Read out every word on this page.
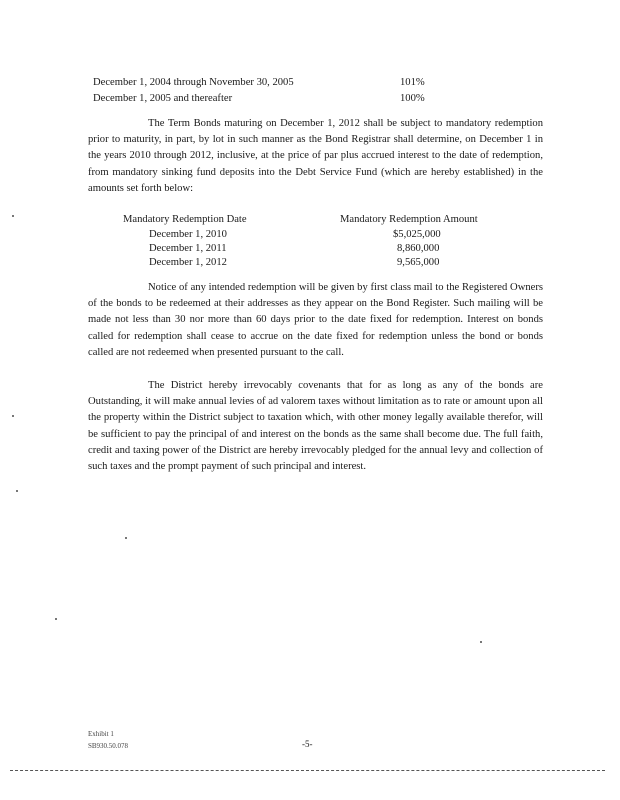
December 1, 2004 through November 30, 2005	101%
December 1, 2005 and thereafter	100%
The Term Bonds maturing on December 1, 2012 shall be subject to mandatory redemption prior to maturity, in part, by lot in such manner as the Bond Registrar shall determine, on December 1 in the years 2010 through 2012, inclusive, at the price of par plus accrued interest to the date of redemption, from mandatory sinking fund deposits into the Debt Service Fund (which are hereby established) in the amounts set forth below:
Mandatory Redemption Date	Mandatory Redemption Amount
December 1, 2010	$5,025,000
December 1, 2011	8,860,000
December 1, 2012	9,565,000
Notice of any intended redemption will be given by first class mail to the Registered Owners of the bonds to be redeemed at their addresses as they appear on the Bond Register. Such mailing will be made not less than 30 nor more than 60 days prior to the date fixed for redemption. Interest on bonds called for redemption shall cease to accrue on the date fixed for redemption unless the bond or bonds called are not redeemed when presented pursuant to the call.
The District hereby irrevocably covenants that for as long as any of the bonds are Outstanding, it will make annual levies of ad valorem taxes without limitation as to rate or amount upon all the property within the District subject to taxation which, with other money legally available therefor, will be sufficient to pay the principal of and interest on the bonds as the same shall become due. The full faith, credit and taxing power of the District are hereby irrevocably pledged for the annual levy and collection of such taxes and the prompt payment of such principal and interest.
Exhibit 1
SB930.50.078	-5-
